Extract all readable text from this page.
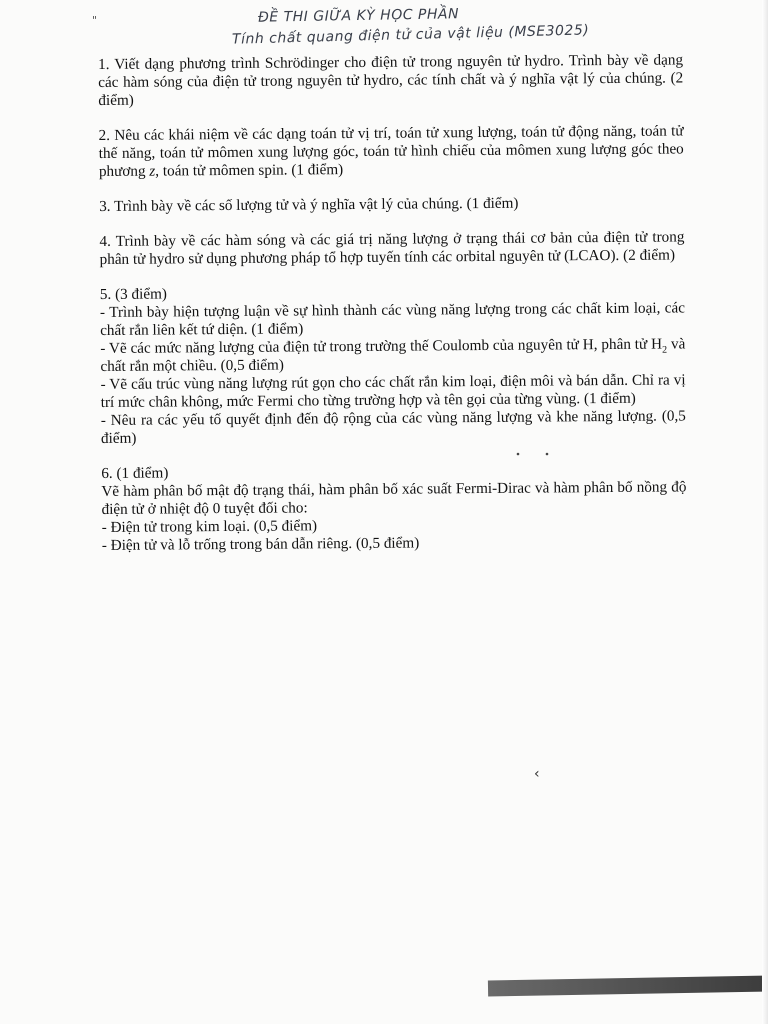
"	ĐỀ THI GIỮA KỲ HỌC PHẦN
Tính chất quang điện tử của vật liệu (MSE3025)

1. Viết dạng phương trình Schrödinger cho điện tử trong nguyên tử hydro. Trình bày về dạng các hàm sóng của điện tử trong nguyên tử hydro, các tính chất và ý nghĩa vật lý của chúng. (2 điểm)

2. Nêu các khái niệm về các dạng toán tử vị trí, toán tử xung lượng, toán tử động năng, toán tử thế năng, toán tử mômen xung lượng góc, toán tử hình chiếu của mômen xung lượng góc theo phương z, toán tử mômen spin. (1 điểm)

3. Trình bày về các số lượng tử và ý nghĩa vật lý của chúng. (1 điểm)

4. Trình bày về các hàm sóng và các giá trị năng lượng ở trạng thái cơ bản của điện tử trong phân tử hydro sử dụng phương pháp tổ hợp tuyến tính các orbital nguyên tử (LCAO). (2 điểm)

5. (3 điểm)

- Trình bày hiện tượng luận về sự hình thành các vùng năng lượng trong các chất kim loại, các chất rắn liên kết tứ diện. (1 điểm)

- Vẽ các mức năng lượng của điện tử trong trường thế Coulomb của nguyên tử H, phân tử $H_2$ và chất rắn một chiều. (0,5 điểm)

- Vẽ cấu trúc vùng năng lượng rút gọn cho các chất rắn kim loại, điện môi và bán dẫn. Chỉ ra vị trí mức chân không, mức Fermi cho từng trường hợp và tên gọi của từng vùng. (1 điểm)

- Nêu ra các yếu tố quyết định đến độ rộng của các vùng năng lượng và khe năng lượng. (0,5 điểm)

6. (1 điểm)

Vẽ hàm phân bố mật độ trạng thái, hàm phân bố xác suất Fermi-Dirac và hàm phân bố nồng độ điện tử ở nhiệt độ 0 tuyệt đối cho:

- Điện tử trong kim loại. (0,5 điểm)

- Điện tử và lỗ trống trong bán dẫn riêng. (0,5 điểm)

‹
